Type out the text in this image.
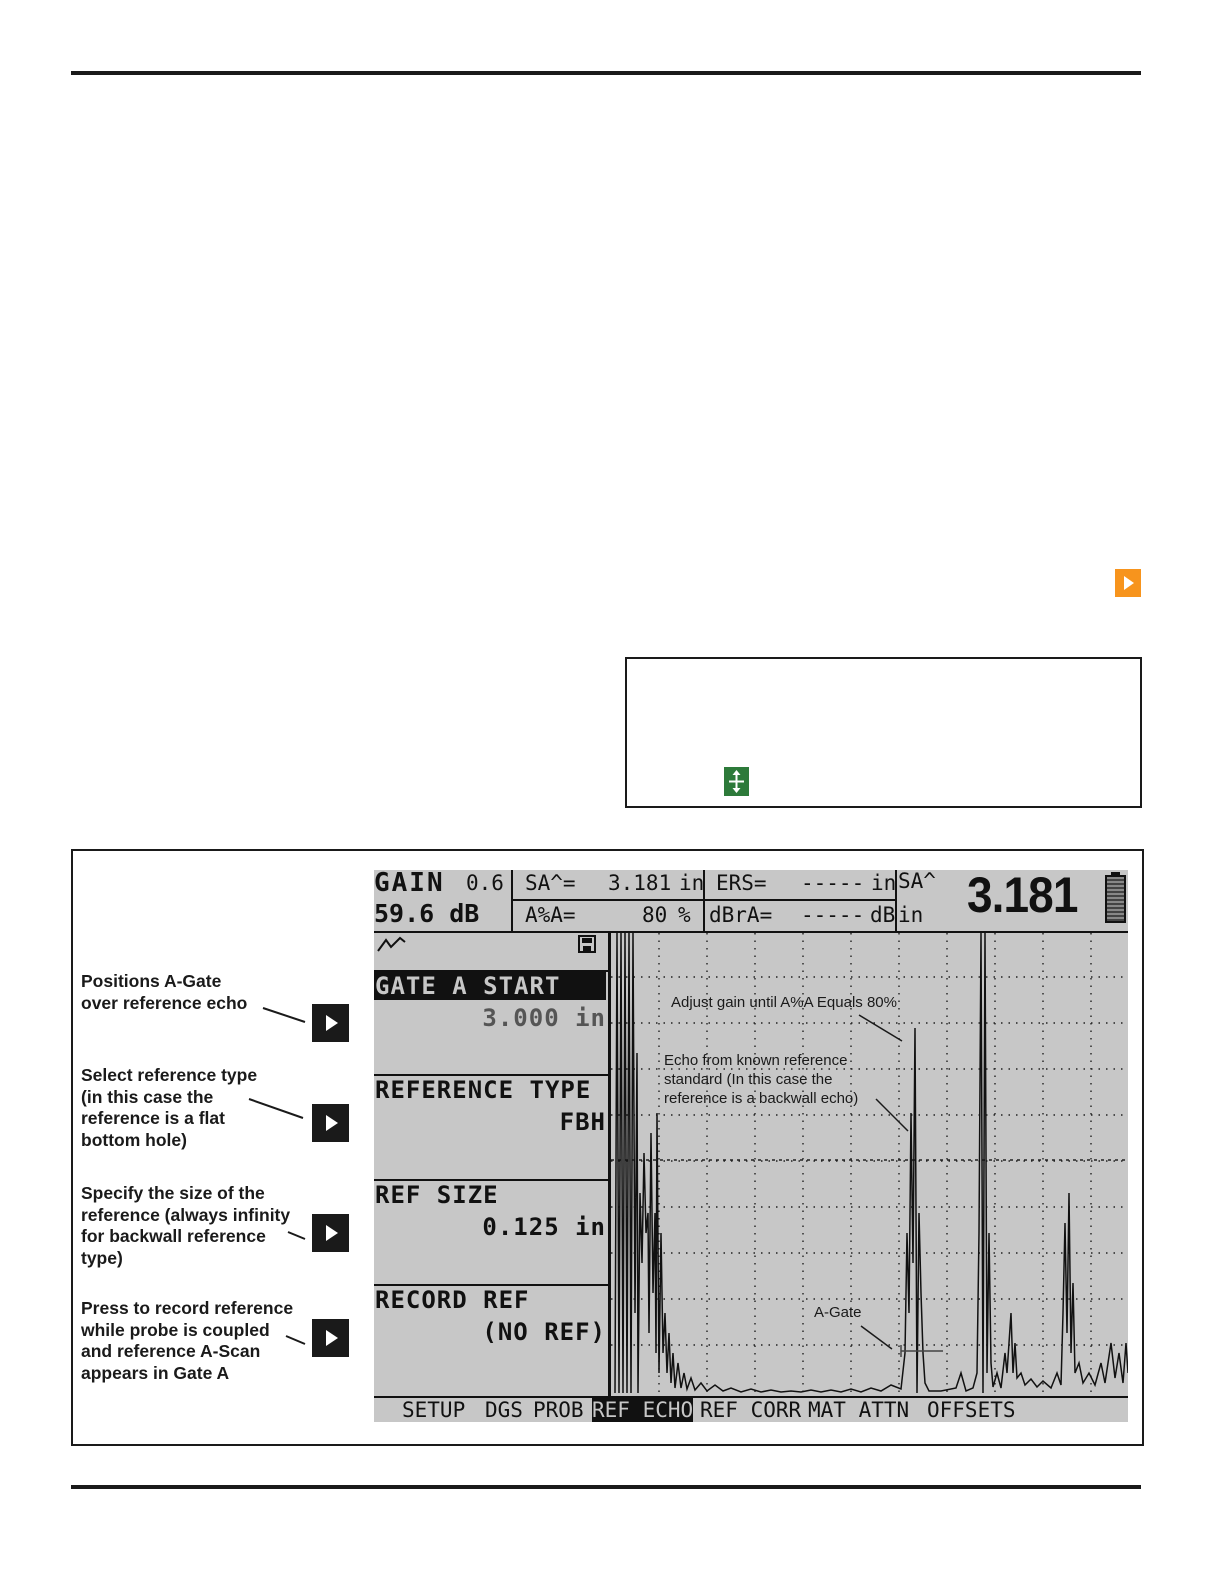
Positions A-Gate
over reference echo
Select reference type
(in this case the
reference is a flat
bottom hole)
Specify the size of the
reference (always infinity
for backwall reference
type)
Press to record reference
while probe is coupled
and reference A-Scan
appears in Gate A
GAIN 0.6
59.6 dB
SA^= 3.181 in
A%A=	80 %
ERS= ----- in
dBrA= ----- dB
SA^
in 3.181
GATE A START
3.000 in
REFERENCE TYPE
FBH
REF SIZE
0.125 in
RECORD REF
(NO REF)
Adjust gain until A%A Equals 80%
Echo from known reference
standard (In this case the
reference is a backwall echo)
A-Gate
SETUP DGS PROB REF ECHO REF CORR MAT ATTN OFFSETS
